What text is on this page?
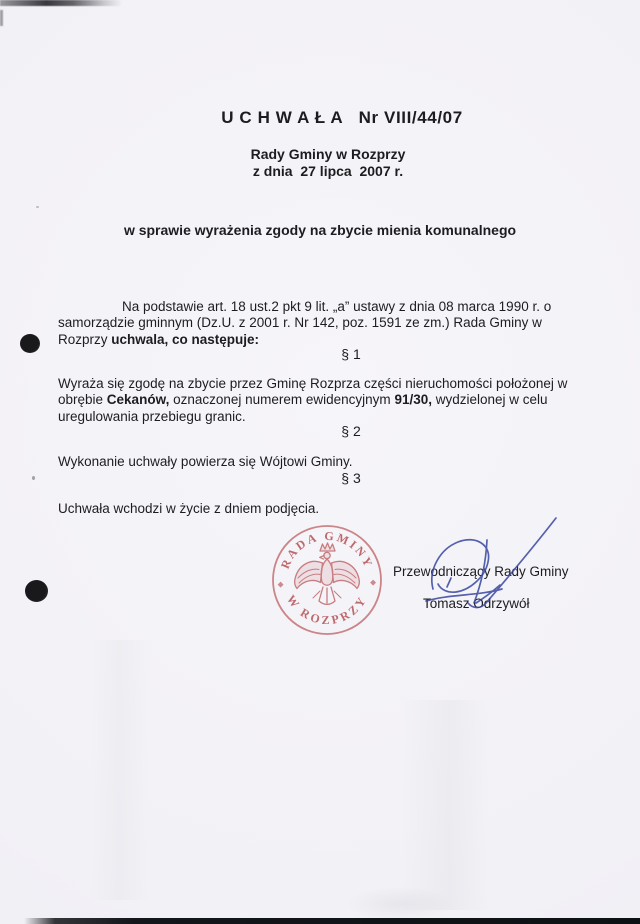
U C H W A Ł A   Nr VIII/44/07
Rady Gminy w Rozprzy
z dnia  27 lipca  2007 r.
w sprawie wyrażenia zgody na zbycie mienia komunalnego

Na podstawie art. 18 ust.2 pkt 9 lit. „a” ustawy z dnia 08 marca 1990 r. o samorządzie gminnym (Dz.U. z 2001 r. Nr 142, poz. 1591 ze zm.) Rada Gminy w Rozprzy uchwala, co następuje:

§ 1

Wyraża się zgodę na zbycie przez Gminę Rozprza części nieruchomości położonej w obrębie Cekanów, oznaczonej numerem ewidencyjnym 91/30, wydzielonej w celu uregulowania przebiegu granic.

§ 2

Wykonanie uchwały powierza się Wójtowi Gminy.

§ 3

Uchwała wchodzi w życie z dniem podjęcia.

RADA GMINY
W ROZPRZY
Przewodniczący Rady Gminy
Tomasz Odrzywół
